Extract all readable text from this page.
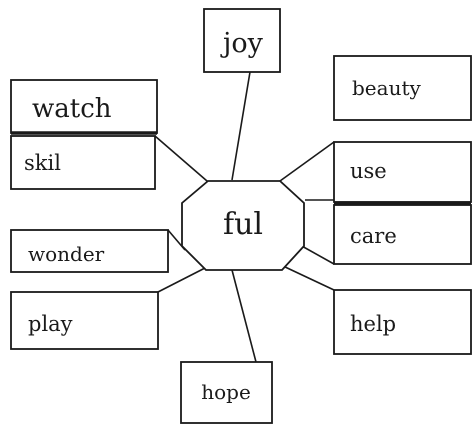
ful
joy
watch
skil
wonder
play
hope
beauty
use
care
help
